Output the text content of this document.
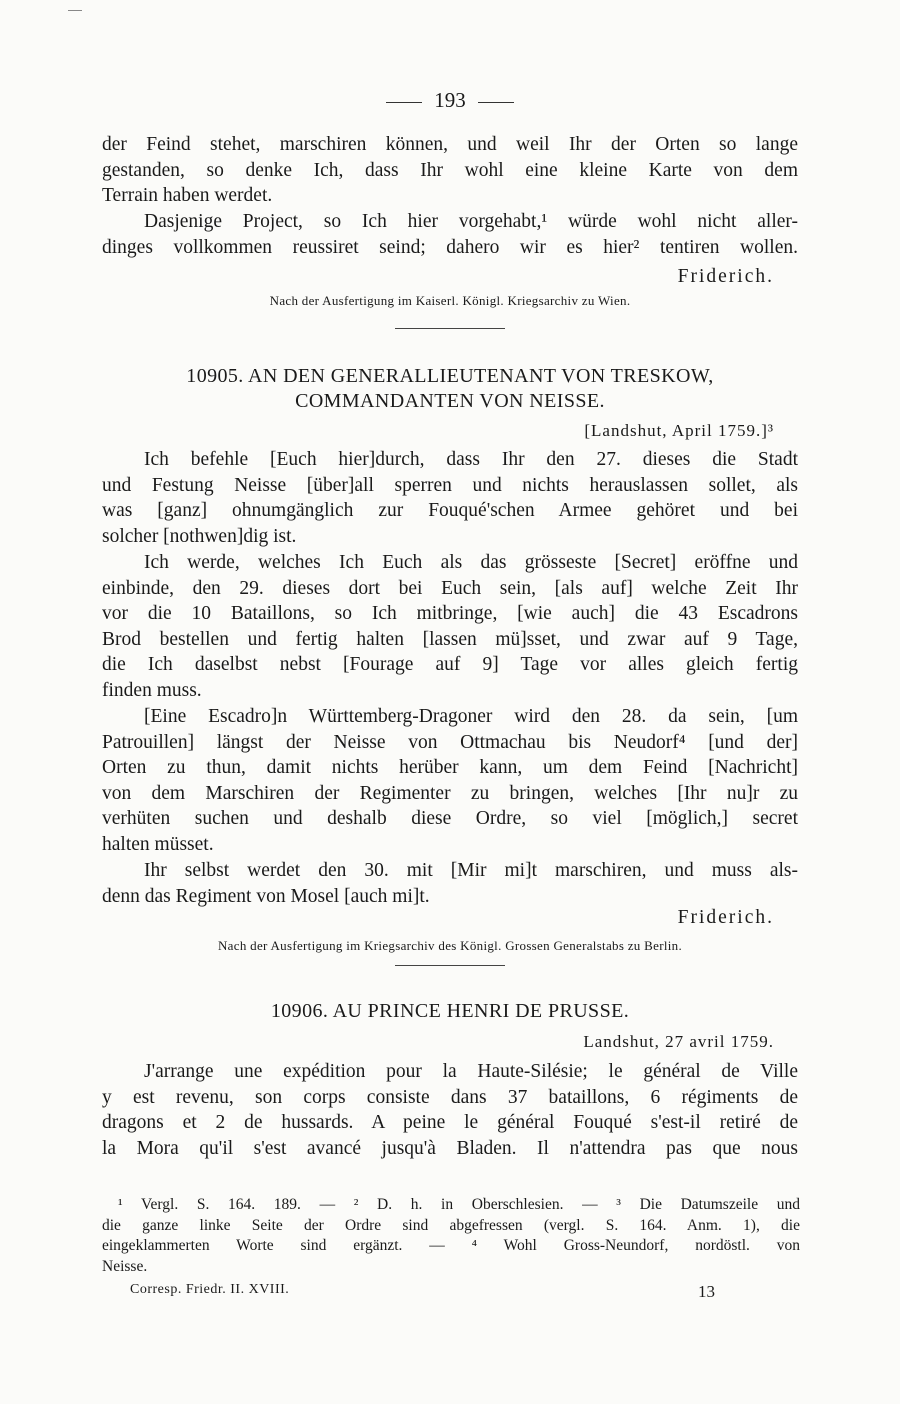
193
der Feind stehet, marschiren können, und weil Ihr der Orten so lange
gestanden, so denke Ich, dass Ihr wohl eine kleine Karte von dem
Terrain haben werdet.
Dasjenige Project, so Ich hier vorgehabt,¹ würde wohl nicht aller-
dinges vollkommen reussiret seind; dahero wir es hier² tentiren wollen.
Friderich.
Nach der Ausfertigung im Kaiserl. Königl. Kriegsarchiv zu Wien.
10905. AN DEN GENERALLIEUTENANT VON TRESKOW,
COMMANDANTEN VON NEISSE.
[Landshut, April 1759.]³
Ich befehle [Euch hier]durch, dass Ihr den 27. dieses die Stadt
und Festung Neisse [über]all sperren und nichts herauslassen sollet, als
was [ganz] ohnumgänglich zur Fouqué'schen Armee gehöret und bei
solcher [nothwen]dig ist.
Ich werde, welches Ich Euch als das grösseste [Secret] eröffne und
einbinde, den 29. dieses dort bei Euch sein, [als auf] welche Zeit Ihr
vor die 10 Bataillons, so Ich mitbringe, [wie auch] die 43 Escadrons
Brod bestellen und fertig halten [lassen mü]sset, und zwar auf 9 Tage,
die Ich daselbst nebst [Fourage auf 9] Tage vor alles gleich fertig
finden muss.
[Eine Escadro]n Württemberg-Dragoner wird den 28. da sein, [um
Patrouillen] längst der Neisse von Ottmachau bis Neudorf⁴ [und der]
Orten zu thun, damit nichts herüber kann, um dem Feind [Nachricht]
von dem Marschiren der Regimenter zu bringen, welches [Ihr nu]r zu
verhüten suchen und deshalb diese Ordre, so viel [möglich,] secret
halten müsset.
Ihr selbst werdet den 30. mit [Mir mi]t marschiren, und muss als-
denn das Regiment von Mosel [auch mi]t.
Friderich.
Nach der Ausfertigung im Kriegsarchiv des Königl. Grossen Generalstabs zu Berlin.
10906. AU PRINCE HENRI DE PRUSSE.
Landshut, 27 avril 1759.
J'arrange une expédition pour la Haute-Silésie; le général de Ville
y est revenu, son corps consiste dans 37 bataillons, 6 régiments de
dragons et 2 de hussards. A peine le général Fouqué s'est-il retiré de
la Mora qu'il s'est avancé jusqu'à Bladen. Il n'attendra pas que nous
¹ Vergl. S. 164. 189. — ² D. h. in Oberschlesien. — ³ Die Datumszeile und
die ganze linke Seite der Ordre sind abgefressen (vergl. S. 164. Anm. 1), die
eingeklammerten Worte sind ergänzt. — ⁴ Wohl Gross-Neundorf, nordöstl. von
Neisse.
Corresp. Friedr. II. XVIII.	13
